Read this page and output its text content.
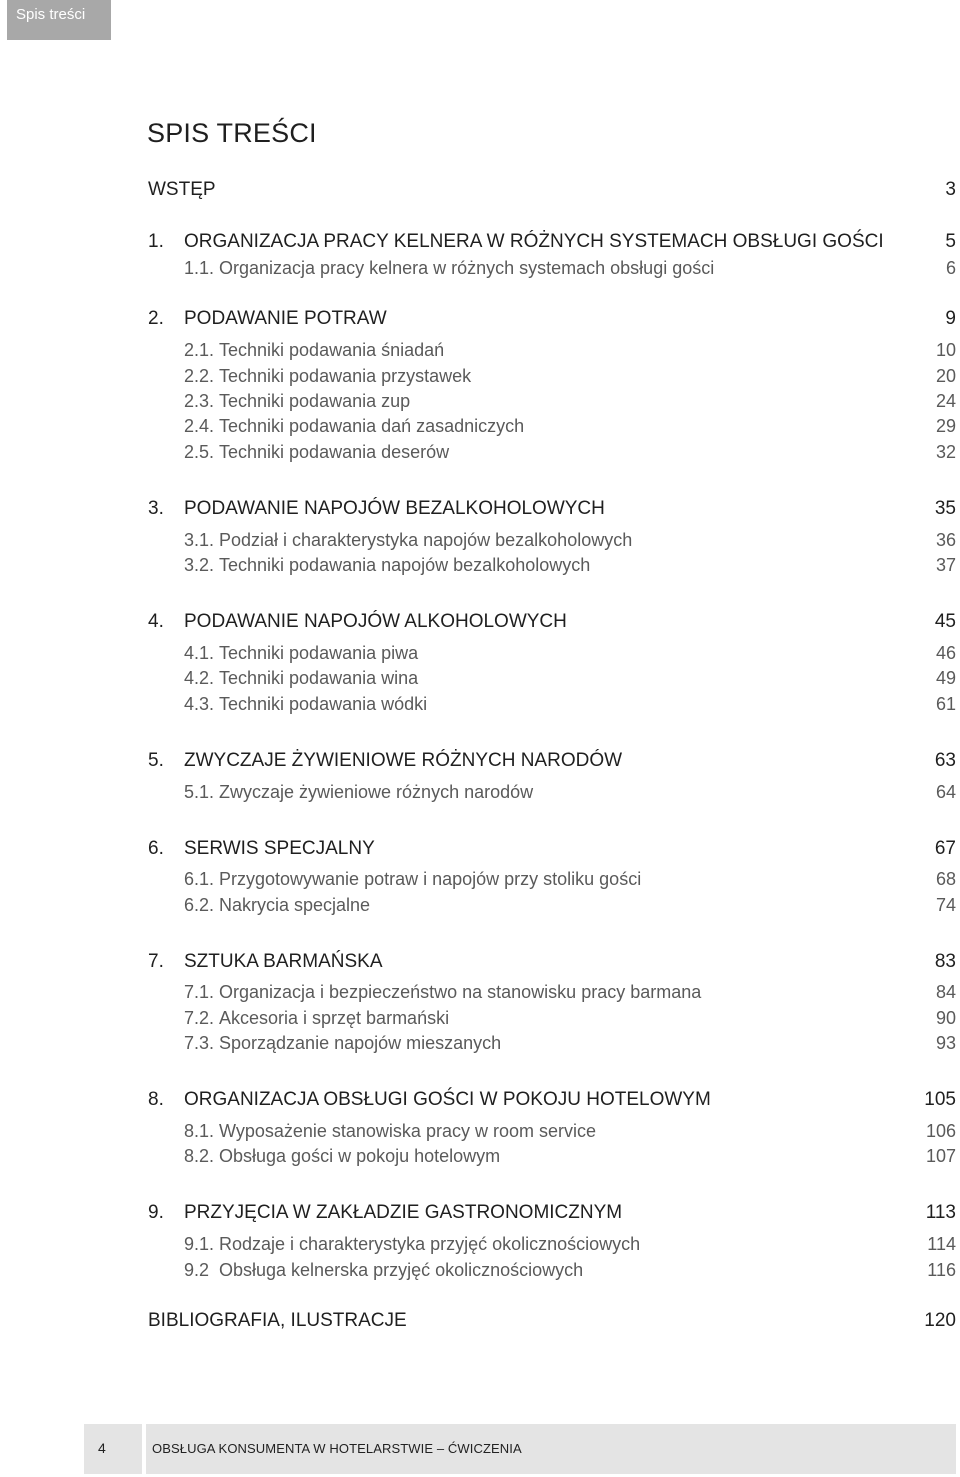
Spis treści
SPIS TREŚCI
WSTĘP	3
1. ORGANIZACJA PRACY KELNERA W RÓŻNYCH SYSTEMACH OBSŁUGI GOŚCI	5
1.1. Organizacja pracy kelnera w różnych systemach obsługi gości	6
2. PODAWANIE POTRAW	9
2.1. Techniki podawania śniadań	10
2.2. Techniki podawania przystawek	20
2.3. Techniki podawania zup	24
2.4. Techniki podawania dań zasadniczych	29
2.5. Techniki podawania deserów	32
3. PODAWANIE NAPOJÓW BEZALKOHOLOWYCH	35
3.1. Podział i charakterystyka napojów bezalkoholowych	36
3.2. Techniki podawania napojów bezalkoholowych	37
4. PODAWANIE NAPOJÓW ALKOHOLOWYCH	45
4.1. Techniki podawania piwa	46
4.2. Techniki podawania wina	49
4.3. Techniki podawania wódki	61
5. ZWYCZAJE ŻYWIENIOWE RÓŻNYCH NARODÓW	63
5.1. Zwyczaje żywieniowe różnych narodów	64
6. SERWIS SPECJALNY	67
6.1. Przygotowywanie potraw i napojów przy stoliku gości	68
6.2. Nakrycia specjalne	74
7. SZTUKA BARMAŃSKA	83
7.1. Organizacja i bezpieczeństwo na stanowisku pracy barmana	84
7.2. Akcesoria i sprzęt barmański	90
7.3. Sporządzanie napojów mieszanych	93
8. ORGANIZACJA OBSŁUGI GOŚCI W POKOJU HOTELOWYM	105
8.1. Wyposażenie stanowiska pracy w room service	106
8.2. Obsługa gości w pokoju hotelowym	107
9. PRZYJĘCIA W ZAKŁADZIE GASTRONOMICZNYM	113
9.1. Rodzaje i charakterystyka przyjęć okolicznościowych	114
9.2 Obsługa kelnerska przyjęć okolicznościowych	116
BIBLIOGRAFIA, ILUSTRACJE	120
4	OBSŁUGA KONSUMENTA W HOTELARSTWIE – ĆWICZENIA
